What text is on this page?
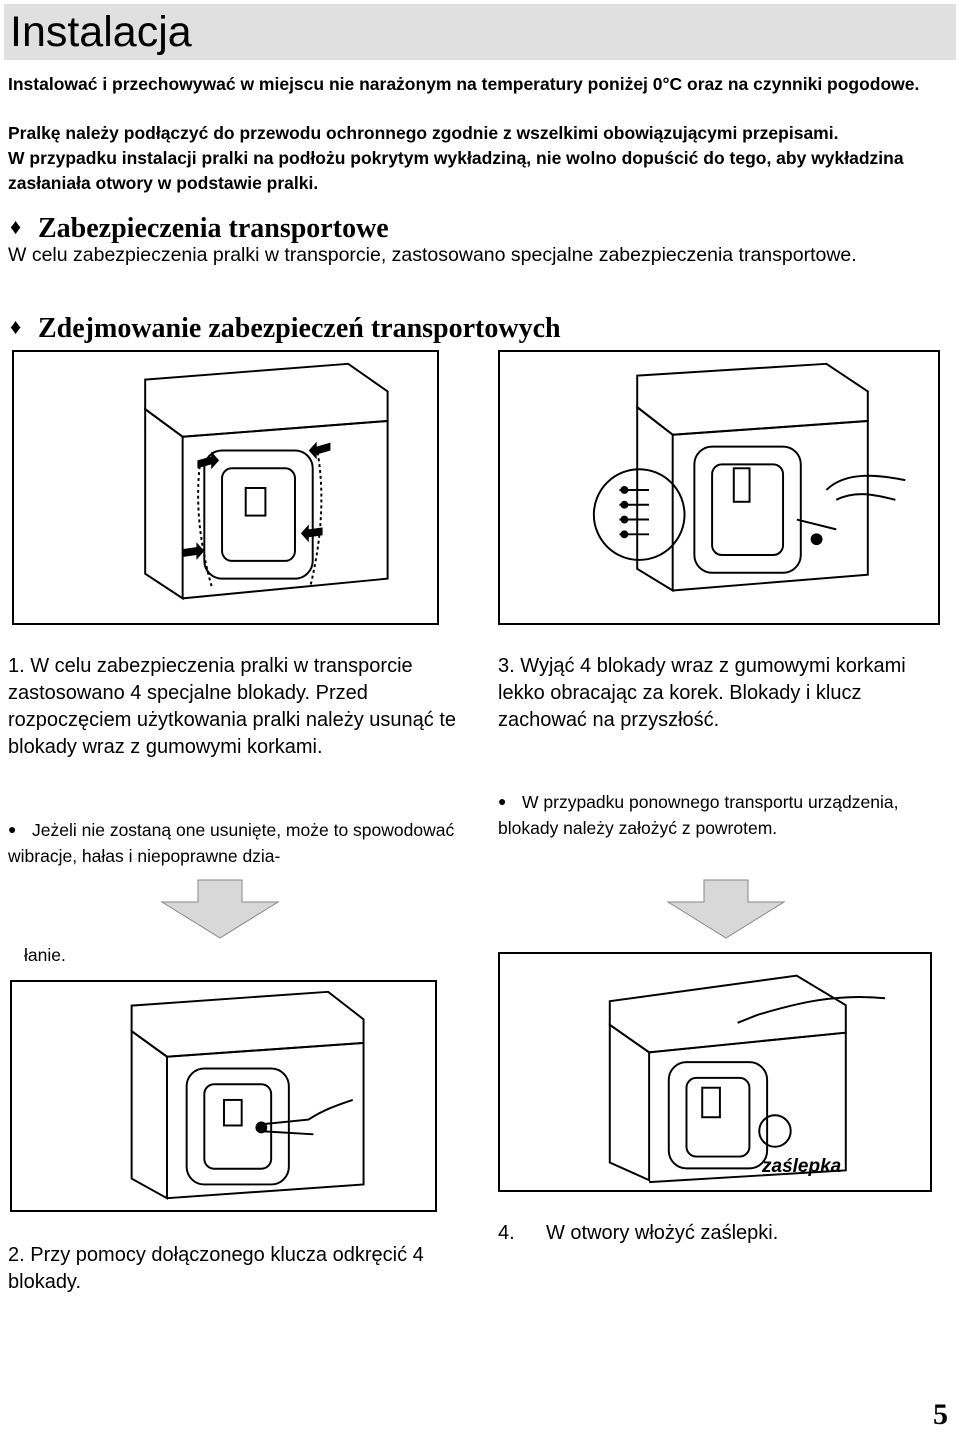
Instalacja
Instalować i przechowywać w miejscu nie narażonym na temperatury poniżej 0°C oraz na czynniki pogodowe.
Pralkę należy podłączyć do przewodu ochronnego zgodnie z wszelkimi obowiązującymi przepisami.
W przypadku instalacji pralki na podłożu pokrytym wykładziną, nie wolno dopuścić do tego, aby wykładzina zasłaniała otwory w podstawie pralki.
♦ Zabezpieczenia transportowe
W celu zabezpieczenia pralki w transporcie, zastosowano specjalne zabezpieczenia transportowe.
♦ Zdejmowanie zabezpieczeń transportowych
1. W celu zabezpieczenia pralki w transporcie zastosowano 4 specjalne blokady. Przed rozpoczęciem użytkowania pralki należy usunąć te blokady wraz z gumowymi korkami.
● Jeżeli nie zostaną one usunięte, może to spowodować wibracje, hałas i niepoprawne dzia-
3. Wyjąć 4 blokady wraz z gumowymi korkami lekko obracając za korek. Blokady i klucz zachować na przyszłość.
● W przypadku ponownego transportu urządzenia, blokady należy założyć z powrotem.
łanie.
zaślepka
2. Przy pomocy dołączonego klucza odkręcić 4 blokady.
4. W otwory włożyć zaślepki.
5
